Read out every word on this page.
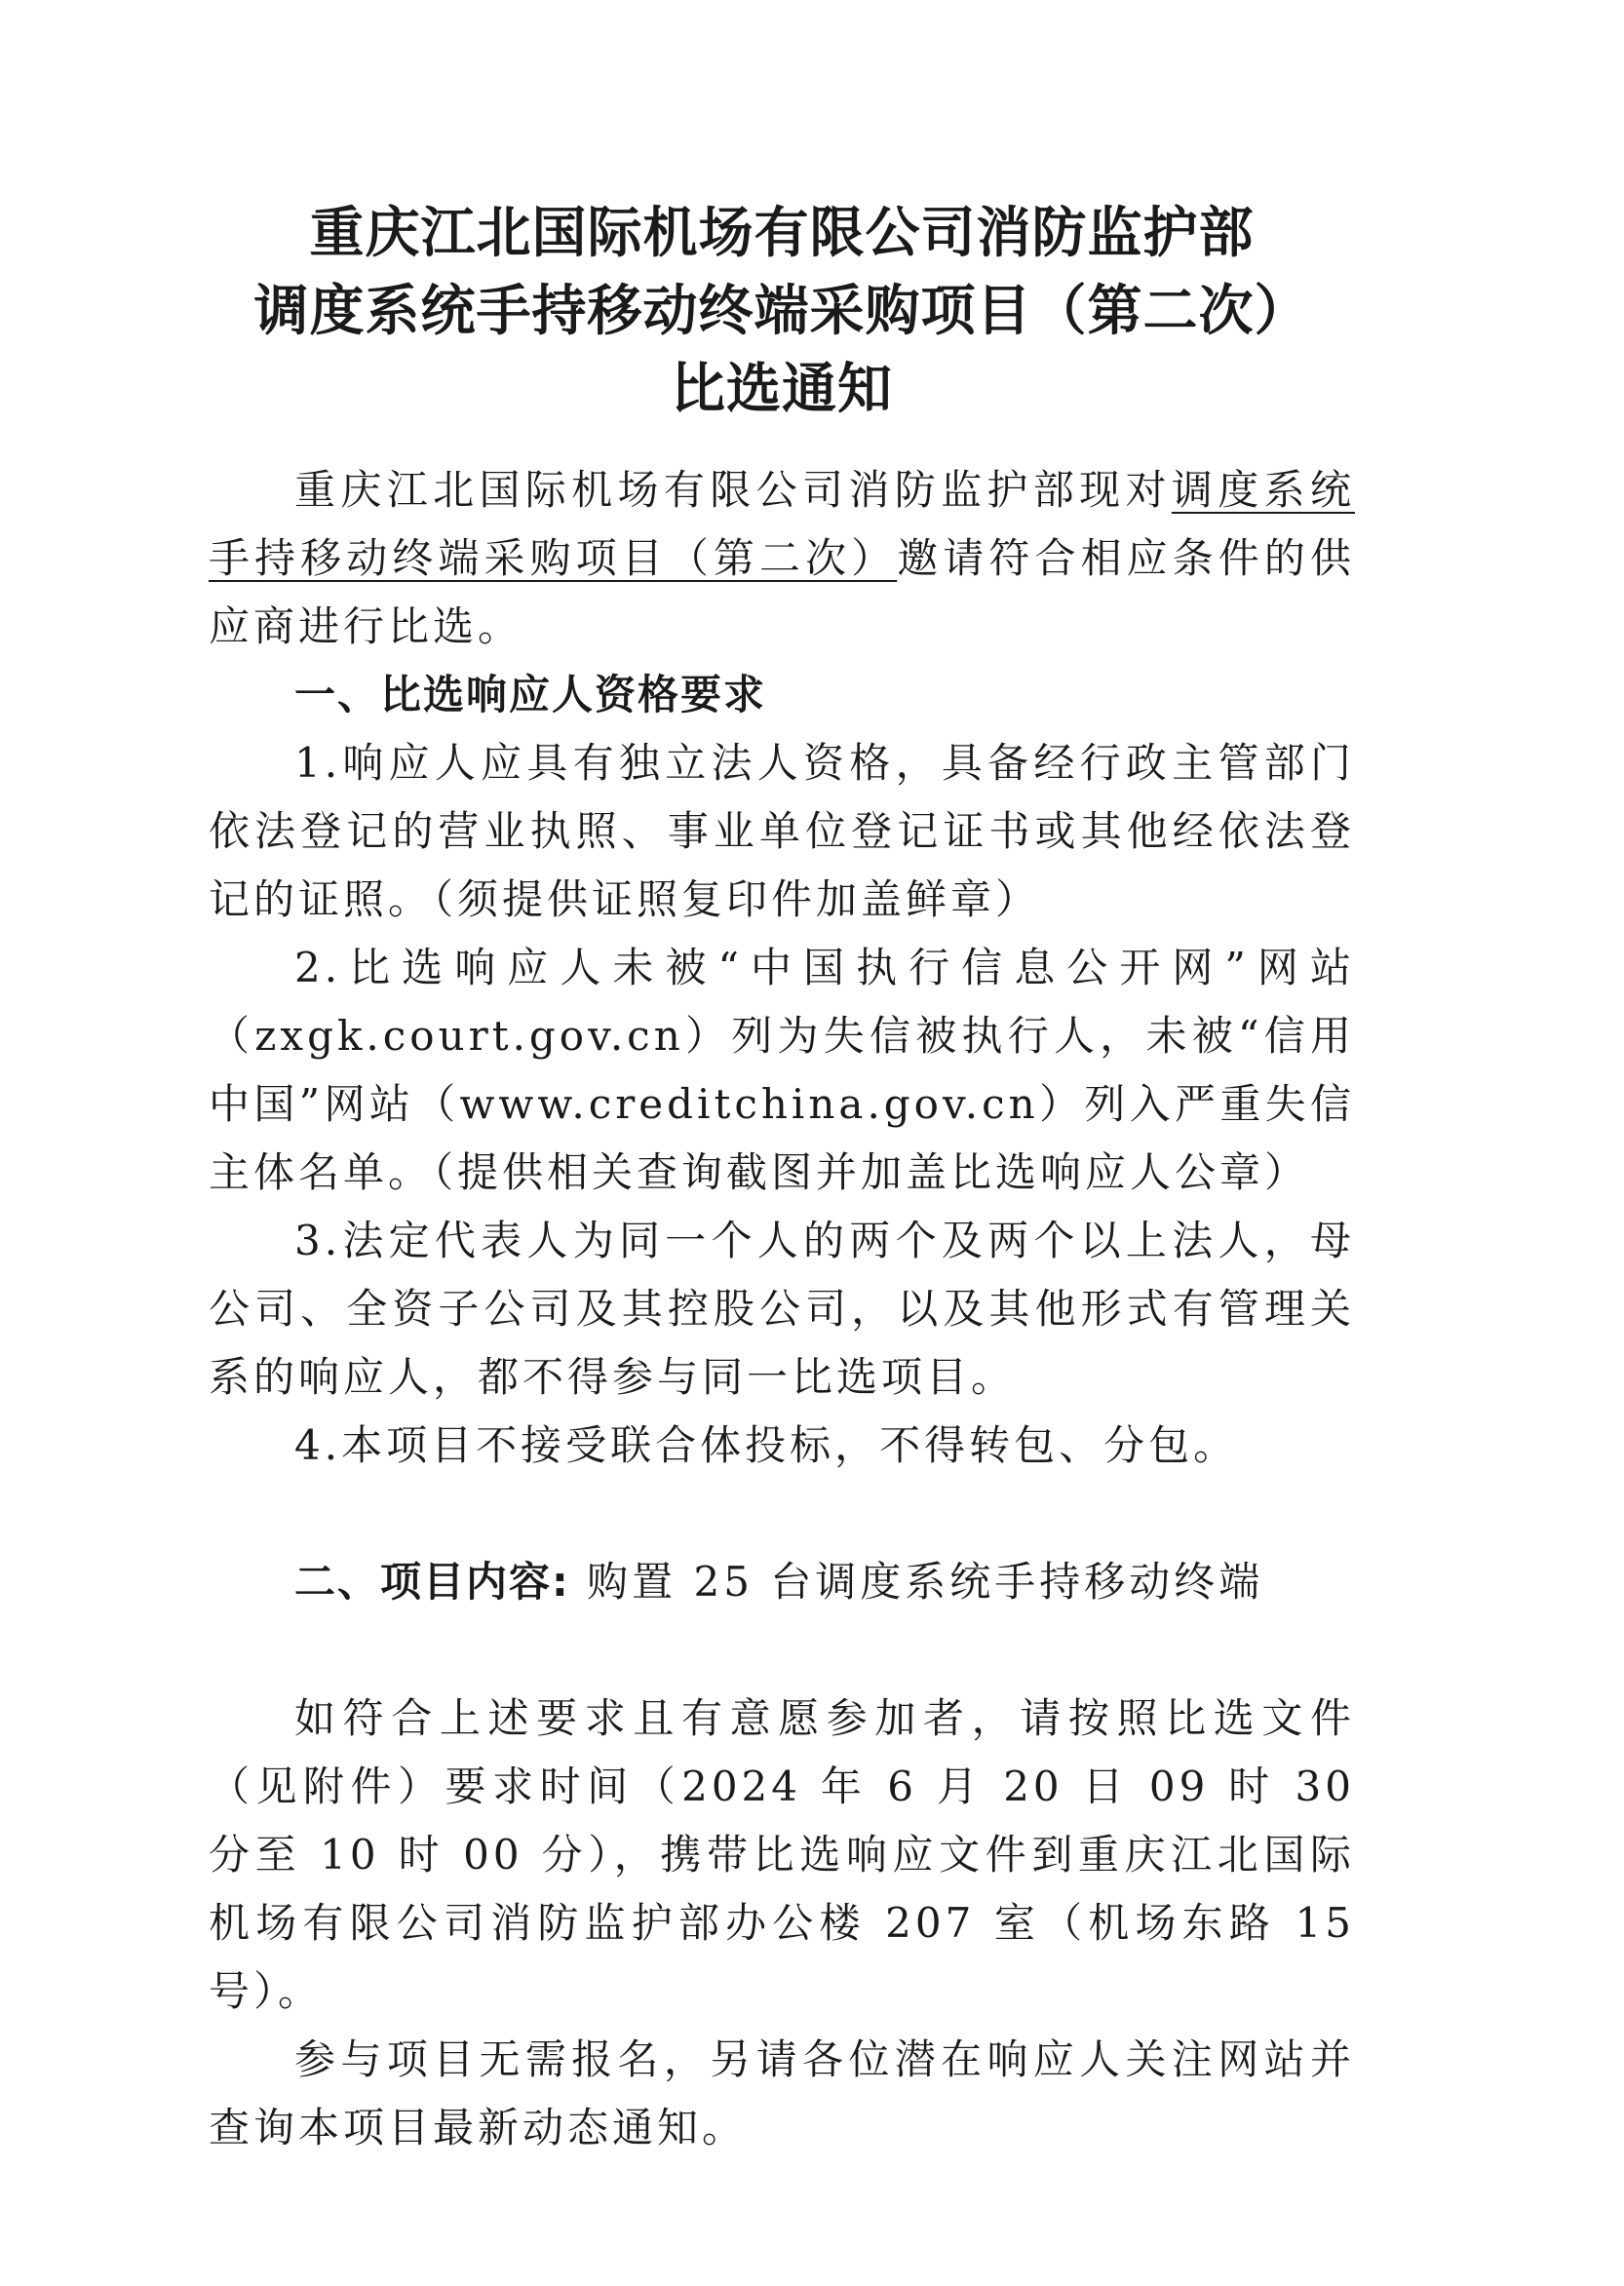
重庆江北国际机场有限公司消防监护部
调度系统手持移动终端采购项目（第二次）
比选通知

重庆江北国际机场有限公司消防监护部现对调度系统手持移动终端采购项目（第二次）邀请符合相应条件的供应商进行比选。

一、比选响应人资格要求

1.响应人应具有独立法人资格，具备经行政主管部门依法登记的营业执照、事业单位登记证书或其他经依法登记的证照。（须提供证照复印件加盖鲜章）

2.比选响应人未被“中国执行信息公开网”网站（zxgk.court.gov.cn）列为失信被执行人，未被“信用中国”网站（www.creditchina.gov.cn）列入严重失信主体名单。（提供相关查询截图并加盖比选响应人公章）

3.法定代表人为同一个人的两个及两个以上法人，母公司、全资子公司及其控股公司，以及其他形式有管理关系的响应人，都不得参与同一比选项目。

4.本项目不接受联合体投标，不得转包、分包。

二、项目内容: 购置 25 台调度系统手持移动终端

如符合上述要求且有意愿参加者，请按照比选文件（见附件）要求时间（2024 年 6 月 20 日 09 时 30 分至 10 时 00 分），携带比选响应文件到重庆江北国际机场有限公司消防监护部办公楼 207 室（机场东路 15 号）。

参与项目无需报名，另请各位潜在响应人关注网站并查询本项目最新动态通知。
